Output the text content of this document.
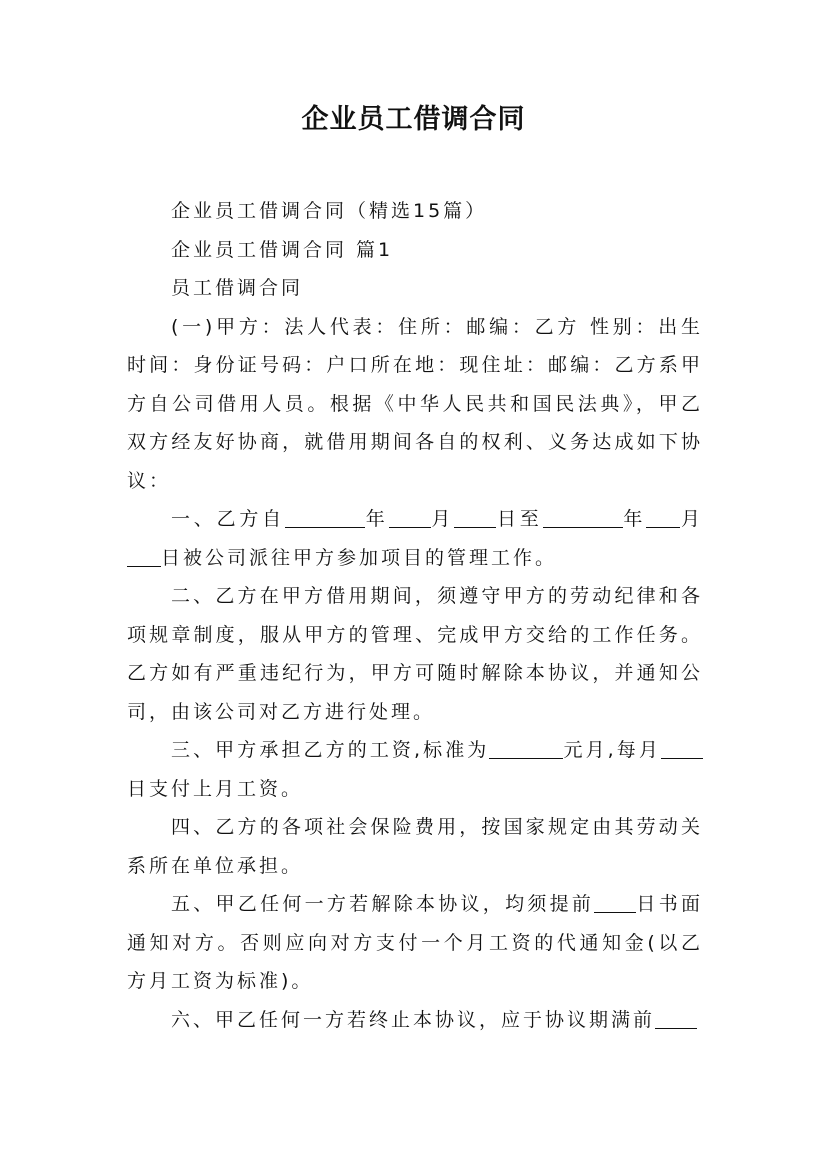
企业员工借调合同

企业员工借调合同（精选15篇）

企业员工借调合同 篇1

员工借调合同

(一)甲方：法人代表：住所：邮编：乙方 性别：出生时间：身份证号码：户口所在地：现住址：邮编：乙方系甲方自公司借用人员。根据《中华人民共和国民法典》，甲乙双方经友好协商，就借用期间各自的权利、义务达成如下协议：

一、乙方自	年 月 日至	年 月日被公司派往甲方参加项目的管理工作。

二、乙方在甲方借用期间，须遵守甲方的劳动纪律和各项规章制度，服从甲方的管理、完成甲方交给的工作任务。乙方如有严重违纪行为，甲方可随时解除本协议，并通知公司，由该公司对乙方进行处理。

三、甲方承担乙方的工资,标准为	元月,每月日支付上月工资。

四、乙方的各项社会保险费用，按国家规定由其劳动关系所在单位承担。

五、甲乙任何一方若解除本协议，均须提前 日书面通知对方。否则应向对方支付一个月工资的代通知金(以乙方月工资为标准)。

六、甲乙任何一方若终止本协议，应于协议期满前
